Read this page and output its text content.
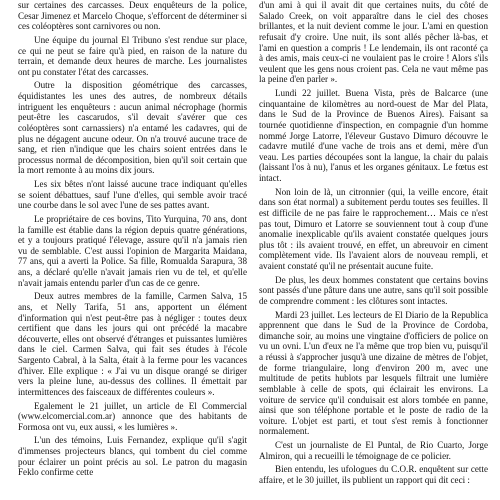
sur certaines des carcasses. Deux enquêteurs de la police, Cesar Jimenez et Marcelo Choque, s'efforcent de déterminer si ces coléoptères sont carnivores ou non.

Une équipe du journal El Tribuno s'est rendue sur place, ce qui ne peut se faire qu'à pied, en raison de la nature du terrain, et demande deux heures de marche. Les journalistes ont pu constater l'état des carcasses.

Outre la disposition géométrique des carcasses, équidistantes les unes des autres, de nombreux détails intriguent les enquêteurs : aucun animal nécrophage (hormis peut-être les cascarudos, s'il devait s'avérer que ces coléoptères sont carnassiers) n'a entamé les cadavres, qui de plus ne dégagent aucune odeur. On n'a trouvé aucune trace de sang, et rien n'indique que les chairs soient entrées dans le processus normal de décomposition, bien qu'il soit certain que la mort remonte à au moins dix jours.

Les six bêtes n'ont laissé aucune trace indiquant qu'elles se soient débattues, sauf l'une d'elles, qui semble avoir tracé une courbe dans le sol avec l'une de ses pattes avant.

Le propriétaire de ces bovins, Tito Yurquina, 70 ans, dont la famille est établie dans la région depuis quatre générations, et y a toujours pratiqué l'élevage, assure qu'il n'a jamais rien vu de semblable. C'est aussi l'opinion de Margarita Maidana, 77 ans, qui a averti la Police. Sa fille, Romualda Sarapura, 38 ans, a déclaré qu'elle n'avait jamais rien vu de tel, et qu'elle n'avait jamais entendu parler d'un cas de ce genre.

Deux autres membres de la famille, Carmen Salva, 15 ans, et Nelly Tarifa, 51 ans, apportent un élément d'information qui n'est peut-être pas à négliger : toutes deux certifient que dans les jours qui ont précédé la macabre découverte, elles ont observé d'étranges et puissantes lumières dans le ciel. Carmen Salva, qui fait ses études à l'école Sargento Cabral, à la Salta, était à la ferme pour les vacances d'hiver. Elle explique : « J'ai vu un disque orangé se diriger vers la pleine lune, au-dessus des collines. Il émettait par intermittences des faisceaux de différentes couleurs ».

Egalement le 21 juillet, un article de El Commercial (www.elcomercial.com.ar) annonce que des habitants de Formosa ont vu, eux aussi, « les lumières ».

L'un des témoins, Luis Fernandez, explique qu'il s'agit d'immenses projecteurs blancs, qui tombent du ciel comme pour éclairer un point précis au sol. Le patron du magasin Feklo confirme cette

d'un ami à qui il avait dit que certaines nuits, du côté de Salado Creek, on voit apparaître dans le ciel des choses brillantes, et la nuit devient comme le jour. L'ami en question refusait d'y croire. Une nuit, ils sont allés pêcher là-bas, et l'ami en question a compris ! Le lendemain, ils ont raconté ça à des amis, mais ceux-ci ne voulaient pas le croire ! Alors s'ils veulent que les gens nous croient pas. Cela ne vaut même pas la peine d'en parler ».

Lundi 22 juillet. Buena Vista, près de Balcarce (une cinquantaine de kilomètres au nord-ouest de Mar del Plata, dans le Sud de la Province de Buenos Aires). Faisant sa tournée quotidienne d'inspection, en compagnie d'un homme nommé Jorge Latorre, l'éleveur Gustavo Dimuro découvre le cadavre mutilé d'une vache de trois ans et demi, mère d'un veau. Les parties découpées sont la langue, la chair du palais (laissant l'os à nu), l'anus et les organes génitaux. Le fœtus est intact.

Non loin de là, un citronnier (qui, la veille encore, était dans son état normal) a subitement perdu toutes ses feuilles. Il est difficile de ne pas faire le rapprochement… Mais ce n'est pas tout, Dimuro et Latorre se souviennent tout à coup d'une anomalie inexplicable qu'ils avaient constatée quelques jours plus tôt : ils avaient trouvé, en effet, un abreuvoir en ciment complètement vide. Ils l'avaient alors de nouveau rempli, et avaient constaté qu'il ne présentait aucune fuite.

De plus, les deux hommes constatent que certains bovins sont passés d'une pâture dans une autre, sans qu'il soit possible de comprendre comment : les clôtures sont intactes.

Mardi 23 juillet. Les lecteurs de El Diario de la Republica apprennent que dans le Sud de la Province de Cordoba, dimanche soir, au moins une vingtaine d'officiers de police on vu un ovni. L'un d'eux ne l'a même que trop bien vu, puisqu'il a réussi à s'approcher jusqu'à une dizaine de mètres de l'objet, de forme triangulaire, long d'environ 200 m, avec une multitude de petits hublots par lesquels filtrait une lumière semblable à celle de spots, qui éclairait les environs. La voiture de service qu'il conduisait est alors tombée en panne, ainsi que son téléphone portable et le poste de radio de la voiture. L'objet est parti, et tout s'est remis à fonctionner normalement.

C'est un journaliste de El Puntal, de Rio Cuarto, Jorge Almiron, qui a recueilli le témoignage de ce policier.

Bien entendu, les ufologues du C.O.R. enquêtent sur cette affaire, et le 30 juillet, ils publient un rapport qui dit ceci :
